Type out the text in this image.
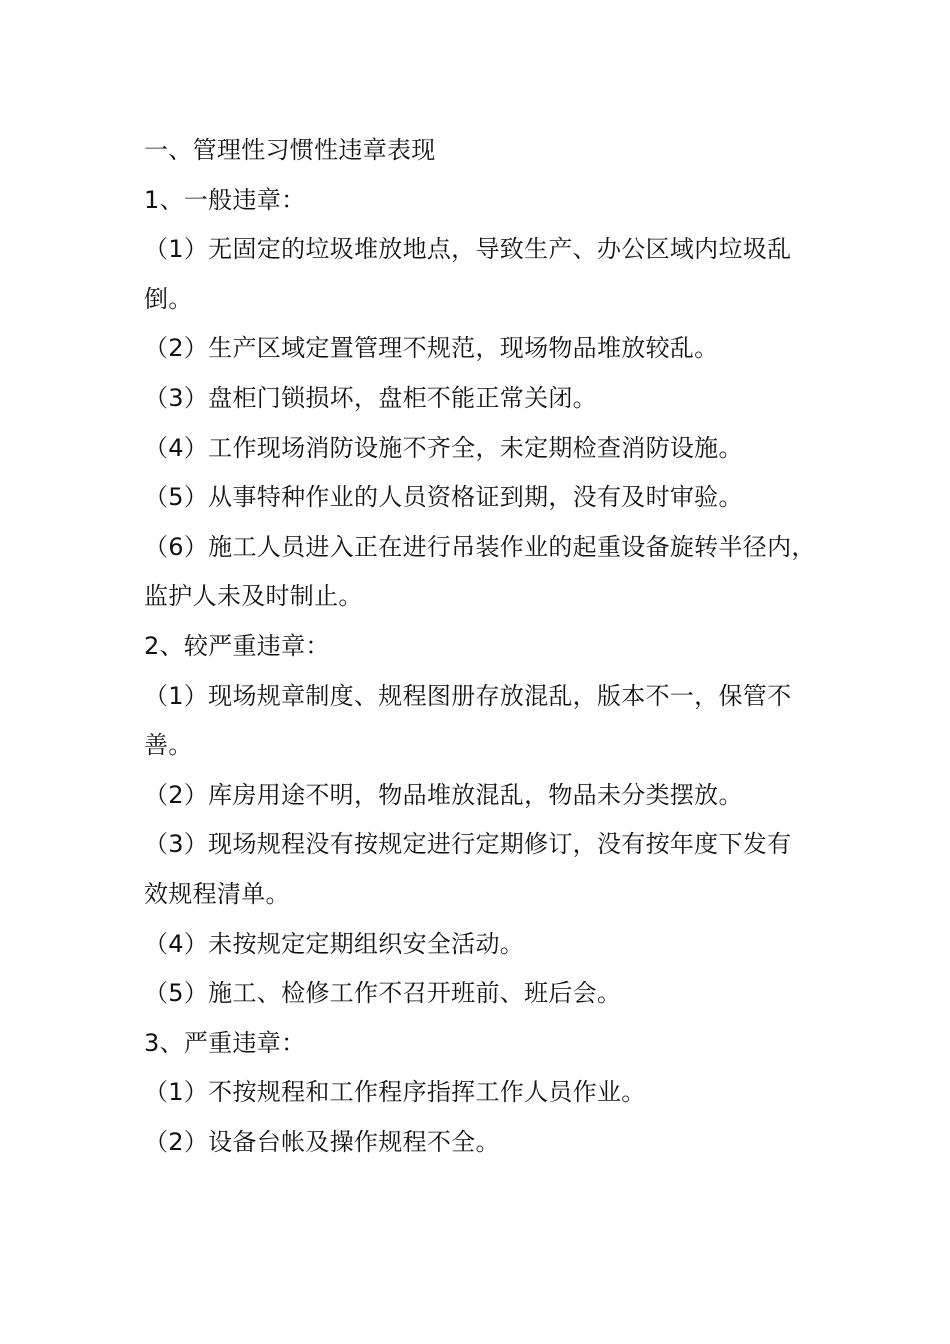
一、管理性习惯性违章表现
1、一般违章：
（1）无固定的垃圾堆放地点，导致生产、办公区域内垃圾乱
倒。
（2）生产区域定置管理不规范，现场物品堆放较乱。
（3）盘柜门锁损坏，盘柜不能正常关闭。
（4）工作现场消防设施不齐全，未定期检查消防设施。
（5）从事特种作业的人员资格证到期，没有及时审验。
（6）施工人员进入正在进行吊装作业的起重设备旋转半径内，
监护人未及时制止。
2、较严重违章：
（1）现场规章制度、规程图册存放混乱，版本不一，保管不
善。
（2）库房用途不明，物品堆放混乱，物品未分类摆放。
（3）现场规程没有按规定进行定期修订，没有按年度下发有
效规程清单。
（4）未按规定定期组织安全活动。
（5）施工、检修工作不召开班前、班后会。
3、严重违章：
（1）不按规程和工作程序指挥工作人员作业。
（2）设备台帐及操作规程不全。
